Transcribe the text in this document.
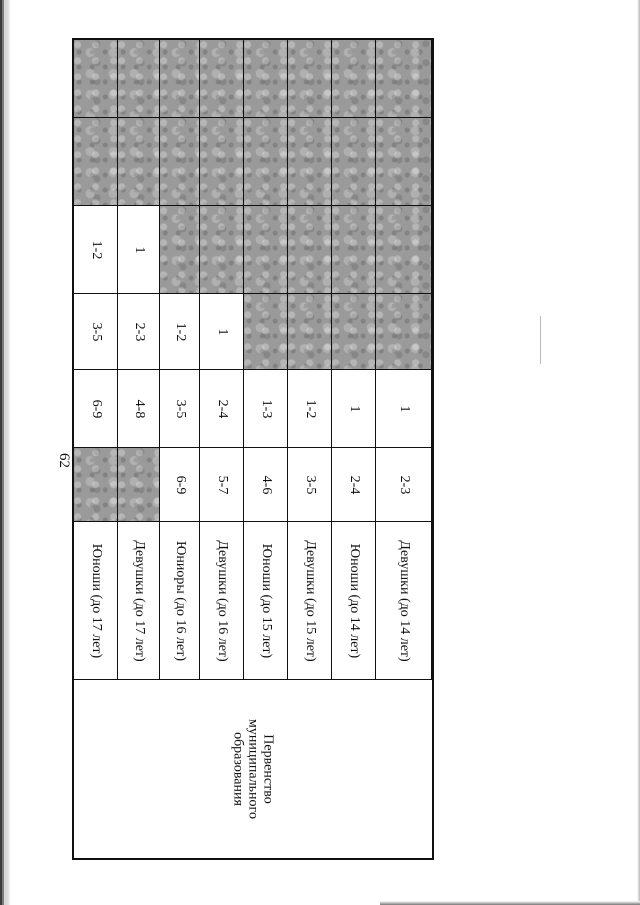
62
Первенство муниципального образования
Юноши (до 17 лет)
1-2
3-5
6-9
Девушки (до 17 лет)
1
2-3
4-8
Юниоры (до 16 лет)
1-2
3-5
6-9
Девушки (до 16 лет)
1
2-4
5-7
Юноши (до 15 лет)
1-3
4-6
Девушки (до 15 лет)
1-2
3-5
Юноши (до 14 лет)
1
2-4
Девушки (до 14 лет)
1
2-3
